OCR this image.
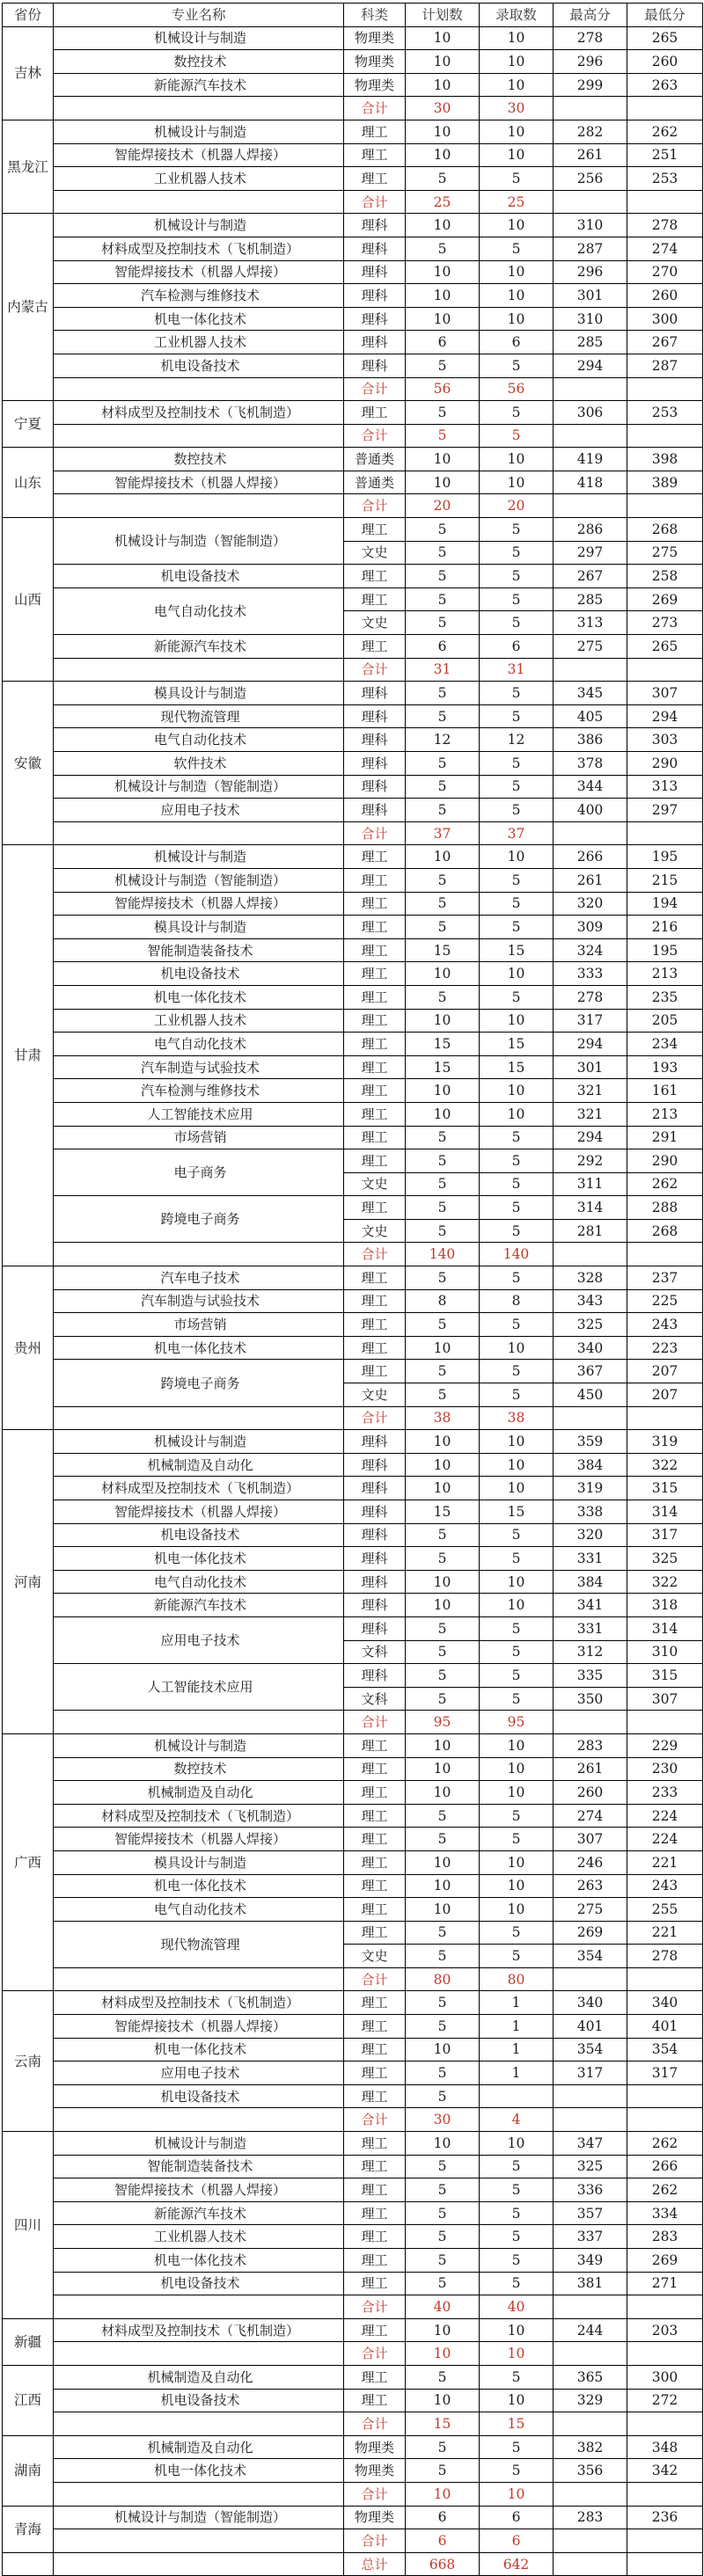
省份	专业名称	科类	计划数	录取数	最高分	最低分
吉林	机械设计与制造	物理类	10	10	278	265
	数控技术	物理类	10	10	296	260
	新能源汽车技术	物理类	10	10	299	263
		合计	30	30		
黑龙江	机械设计与制造	理工	10	10	282	262
	智能焊接技术（机器人焊接）	理工	10	10	261	251
	工业机器人技术	理工	5	5	256	253
		合计	25	25		
内蒙古	机械设计与制造	理科	10	10	310	278
	材料成型及控制技术（飞机制造）	理科	5	5	287	274
	智能焊接技术（机器人焊接）	理科	10	10	296	270
	汽车检测与维修技术	理科	10	10	301	260
	机电一体化技术	理科	10	10	310	300
	工业机器人技术	理科	6	6	285	267
	机电设备技术	理科	5	5	294	287
		合计	56	56		
宁夏	材料成型及控制技术（飞机制造）	理工	5	5	306	253
		合计	5	5		
山东	数控技术	普通类	10	10	419	398
	智能焊接技术（机器人焊接）	普通类	10	10	418	389
		合计	20	20		
山西	机械设计与制造（智能制造）	理工	5	5	286	268
		文史	5	5	297	275
	机电设备技术	理工	5	5	267	258
	电气自动化技术	理工	5	5	285	269
		文史	5	5	313	273
	新能源汽车技术	理工	6	6	275	265
		合计	31	31		
安徽	模具设计与制造	理科	5	5	345	307
	现代物流管理	理科	5	5	405	294
	电气自动化技术	理科	12	12	386	303
	软件技术	理科	5	5	378	290
	机械设计与制造（智能制造）	理科	5	5	344	313
	应用电子技术	理科	5	5	400	297
		合计	37	37		
甘肃	机械设计与制造	理工	10	10	266	195
	机械设计与制造（智能制造）	理工	5	5	261	215
	智能焊接技术（机器人焊接）	理工	5	5	320	194
	模具设计与制造	理工	5	5	309	216
	智能制造装备技术	理工	15	15	324	195
	机电设备技术	理工	10	10	333	213
	机电一体化技术	理工	5	5	278	235
	工业机器人技术	理工	10	10	317	205
	电气自动化技术	理工	15	15	294	234
	汽车制造与试验技术	理工	15	15	301	193
	汽车检测与维修技术	理工	10	10	321	161
	人工智能技术应用	理工	10	10	321	213
	市场营销	理工	5	5	294	291
	电子商务	理工	5	5	292	290
		文史	5	5	311	262
	跨境电子商务	理工	5	5	314	288
		文史	5	5	281	268
		合计	140	140		
贵州	汽车电子技术	理工	5	5	328	237
	汽车制造与试验技术	理工	8	8	343	225
	市场营销	理工	5	5	325	243
	机电一体化技术	理工	10	10	340	223
	跨境电子商务	理工	5	5	367	207
		文史	5	5	450	207
		合计	38	38		
河南	机械设计与制造	理科	10	10	359	319
	机械制造及自动化	理科	10	10	384	322
	材料成型及控制技术（飞机制造）	理科	10	10	319	315
	智能焊接技术（机器人焊接）	理科	15	15	338	314
	机电设备技术	理科	5	5	320	317
	机电一体化技术	理科	5	5	331	325
	电气自动化技术	理科	10	10	384	322
	新能源汽车技术	理科	10	10	341	318
	应用电子技术	理科	5	5	331	314
		文科	5	5	312	310
	人工智能技术应用	理科	5	5	335	315
		文科	5	5	350	307
		合计	95	95		
广西	机械设计与制造	理工	10	10	283	229
	数控技术	理工	10	10	261	230
	机械制造及自动化	理工	10	10	260	233
	材料成型及控制技术（飞机制造）	理工	5	5	274	224
	智能焊接技术（机器人焊接）	理工	5	5	307	224
	模具设计与制造	理工	10	10	246	221
	机电一体化技术	理工	10	10	263	243
	电气自动化技术	理工	10	10	275	255
	现代物流管理	理工	5	5	269	221
		文史	5	5	354	278
		合计	80	80		
云南	材料成型及控制技术（飞机制造）	理工	5	1	340	340
	智能焊接技术（机器人焊接）	理工	5	1	401	401
	机电一体化技术	理工	10	1	354	354
	应用电子技术	理工	5	1	317	317
	机电设备技术	理工	5			
		合计	30	4		
四川	机械设计与制造	理工	10	10	347	262
	智能制造装备技术	理工	5	5	325	266
	智能焊接技术（机器人焊接）	理工	5	5	336	262
	新能源汽车技术	理工	5	5	357	334
	工业机器人技术	理工	5	5	337	283
	机电一体化技术	理工	5	5	349	269
	机电设备技术	理工	5	5	381	271
		合计	40	40		
新疆	材料成型及控制技术（飞机制造）	理工	10	10	244	203
		合计	10	10		
江西	机械制造及自动化	理工	5	5	365	300
	机电设备技术	理工	10	10	329	272
		合计	15	15		
湖南	机械制造及自动化	物理类	5	5	382	348
	机电一体化技术	物理类	5	5	356	342
		合计	10	10		
青海	机械设计与制造（智能制造）	物理类	6	6	283	236
		合计	6	6		
		总计	668	642		
